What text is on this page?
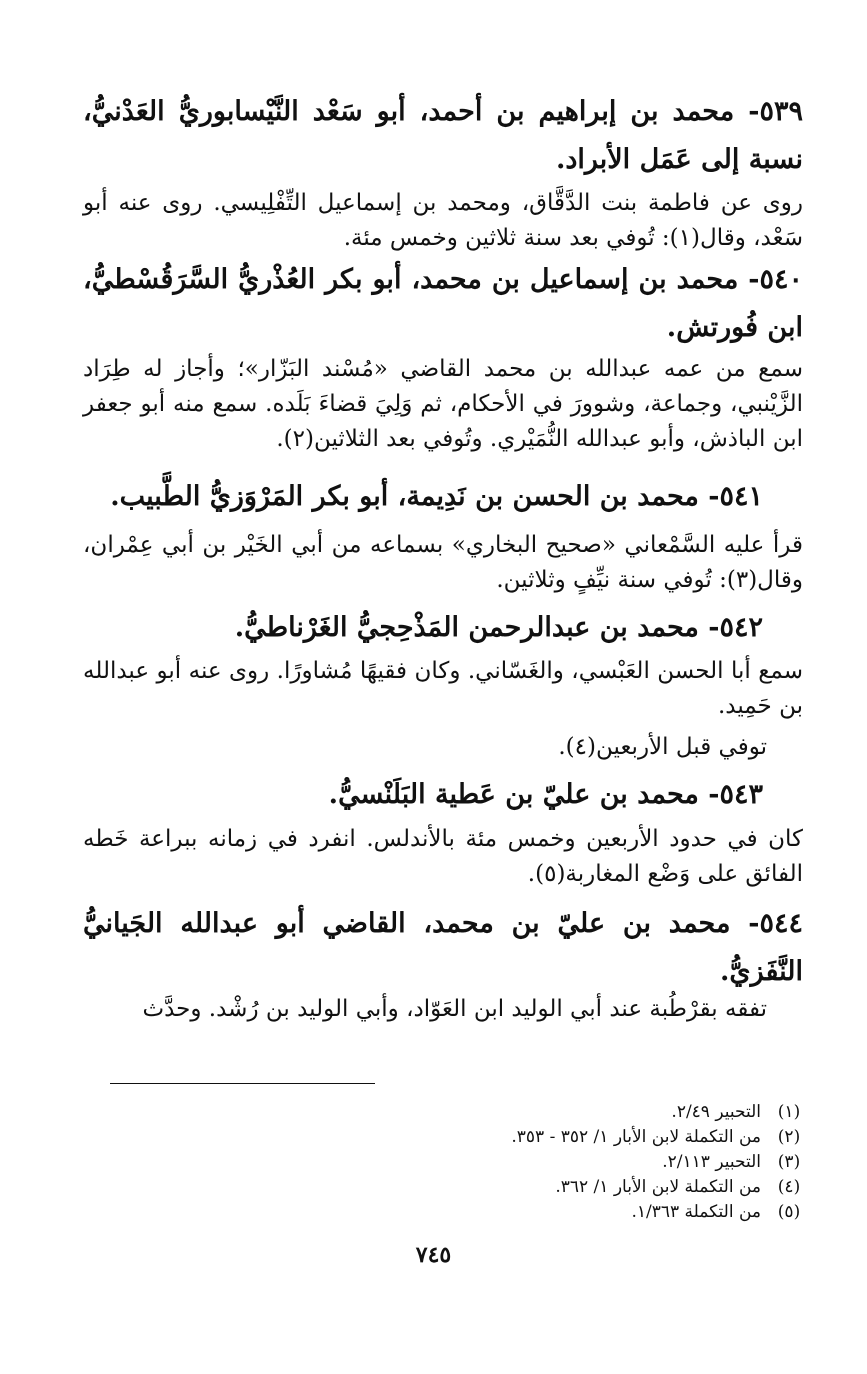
٥٣٩- محمد بن إبراهيم بن أحمد، أبو سَعْد النَّيْسابوريُّ العَدْنيُّ، نسبة إلى عَمَل الأبراد.
روى عن فاطمة بنت الدَّقَّاق، ومحمد بن إسماعيل التِّفْلِيسي. روى عنه أبو سَعْد، وقال(١): تُوفي بعد سنة ثلاثين وخمس مئة.
٥٤٠- محمد بن إسماعيل بن محمد، أبو بكر العُذْريُّ السَّرَقُسْطيُّ، ابن فُورتش.
سمع من عمه عبدالله بن محمد القاضي «مُسْند البَزّار»؛ وأجاز له طِرَاد الزَّيْنبي، وجماعة، وشوورَ في الأحكام، ثم وَلِيَ قضاءَ بَلَده. سمع منه أبو جعفر ابن الباذش، وأبو عبدالله النُّمَيْري. وتُوفي بعد الثلاثين(٢).
٥٤١- محمد بن الحسن بن نَدِيمة، أبو بكر المَرْوَزيُّ الطَّبيب.
قرأ عليه السَّمْعاني «صحيح البخاري» بسماعه من أبي الخَيْر بن أبي عِمْران، وقال(٣): تُوفي سنة نيِّفٍ وثلاثين.
٥٤٢- محمد بن عبدالرحمن المَذْحِجيُّ الغَرْناطيُّ.
سمع أبا الحسن العَبْسي، والغَسّاني. وكان فقيهًا مُشاورًا. روى عنه أبو عبدالله بن حَمِيد.
توفي قبل الأربعين(٤).
٥٤٣- محمد بن عليّ بن عَطية البَلَنْسيُّ.
كان في حدود الأربعين وخمس مئة بالأندلس. انفرد في زمانه ببراعة خَطه الفائق على وَضْع المغاربة(٥).
٥٤٤- محمد بن عليّ بن محمد، القاضي أبو عبدالله الجَيانيُّ النَّفَزيُّ.
تفقه بقرْطُبة عند أبي الوليد ابن العَوّاد، وأبي الوليد بن رُشْد. وحدَّث
(١)
التحبير ٢/٤٩.
(٢)
من التكملة لابن الأبار ١/ ٣٥٢ - ٣٥٣.
(٣)
التحبير ٢/١١٣.
(٤)
من التكملة لابن الأبار ١/ ٣٦٢.
(٥)
من التكملة ١/٣٦٣.
٧٤٥
